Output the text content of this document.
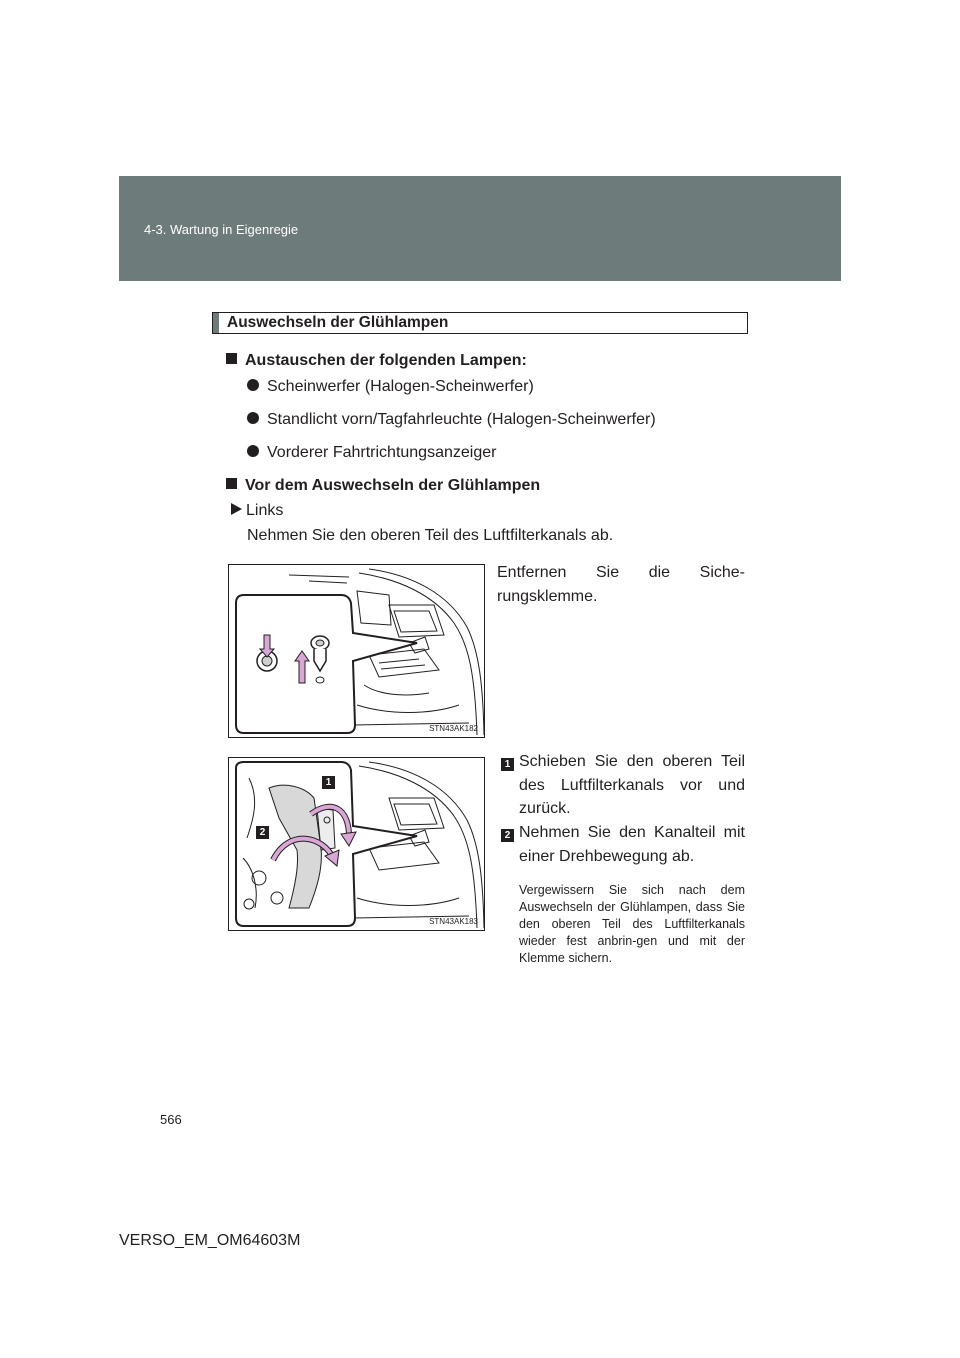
4-3. Wartung in Eigenregie
Auswechseln der Glühlampen
Austauschen der folgenden Lampen:
Scheinwerfer (Halogen-Scheinwerfer)
Standlicht vorn/Tagfahrleuchte (Halogen-Scheinwerfer)
Vorderer Fahrtrichtungsanzeiger
Vor dem Auswechseln der Glühlampen
Links
Nehmen Sie den oberen Teil des Luftfilterkanals ab.
Entfernen Sie die Siche-rungsklemme.
STN43AK182
1
2
STN43AK183
1 Schieben Sie den oberen Teil des Luftfilterkanals vor und zurück.
2 Nehmen Sie den Kanalteil mit einer Drehbewegung ab.
Vergewissern Sie sich nach dem Auswechseln der Glühlampen, dass Sie den oberen Teil des Luftfilterkanals wieder fest anbrin-gen und mit der Klemme sichern.
566
VERSO_EM_OM64603M
